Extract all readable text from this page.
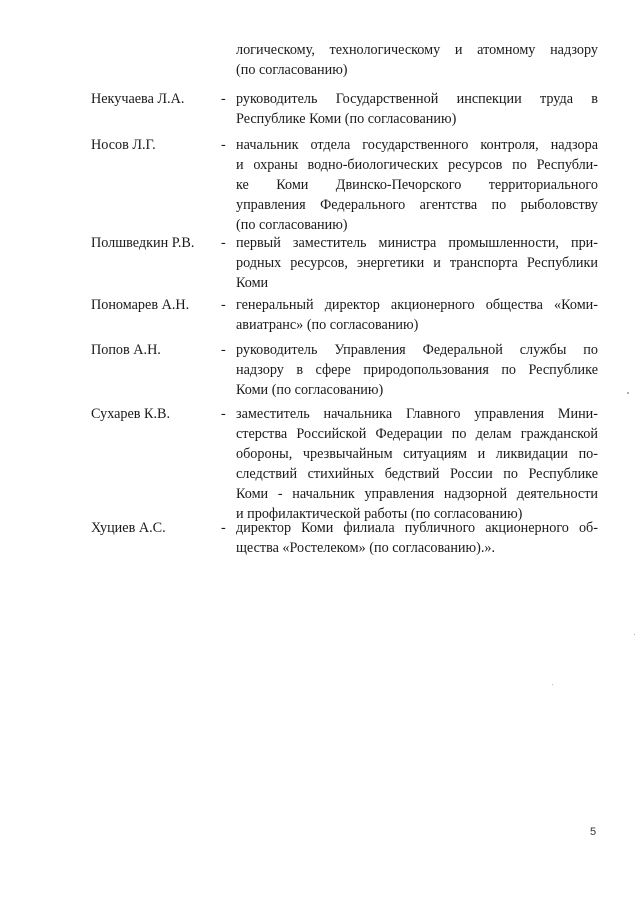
логическому, технологическому и атомному надзору
(по согласованию)
Некучаева Л.А.	- руководитель Государственной инспекции труда в
Республике Коми (по согласованию)
Носов Л.Г.	- начальник отдела государственного контроля, надзора
и охраны водно-биологических ресурсов по Республи-
ке Коми Двинско-Печорского территориального
управления Федерального агентства по рыболовству
(по согласованию)
Полшведкин Р.В. - первый заместитель министра промышленности, при-
родных ресурсов, энергетики и транспорта Республики
Коми
Пономарев А.Н. - генеральный директор акционерного общества «Коми-
авиатранс» (по согласованию)
Попов А.Н.	- руководитель Управления Федеральной службы по
надзору в сфере природопользования по Республике
Коми (по согласованию)
Сухарев К.В.	- заместитель начальника Главного управления Мини-
стерства Российской Федерации по делам гражданской
обороны, чрезвычайным ситуациям и ликвидации по-
следствий стихийных бедствий России по Республике
Коми - начальник управления надзорной деятельности
и профилактической работы (по согласованию)
Хуциев А.С.	- директор Коми филиала публичного акционерного об-
щества «Ростелеком» (по согласованию).».
5
